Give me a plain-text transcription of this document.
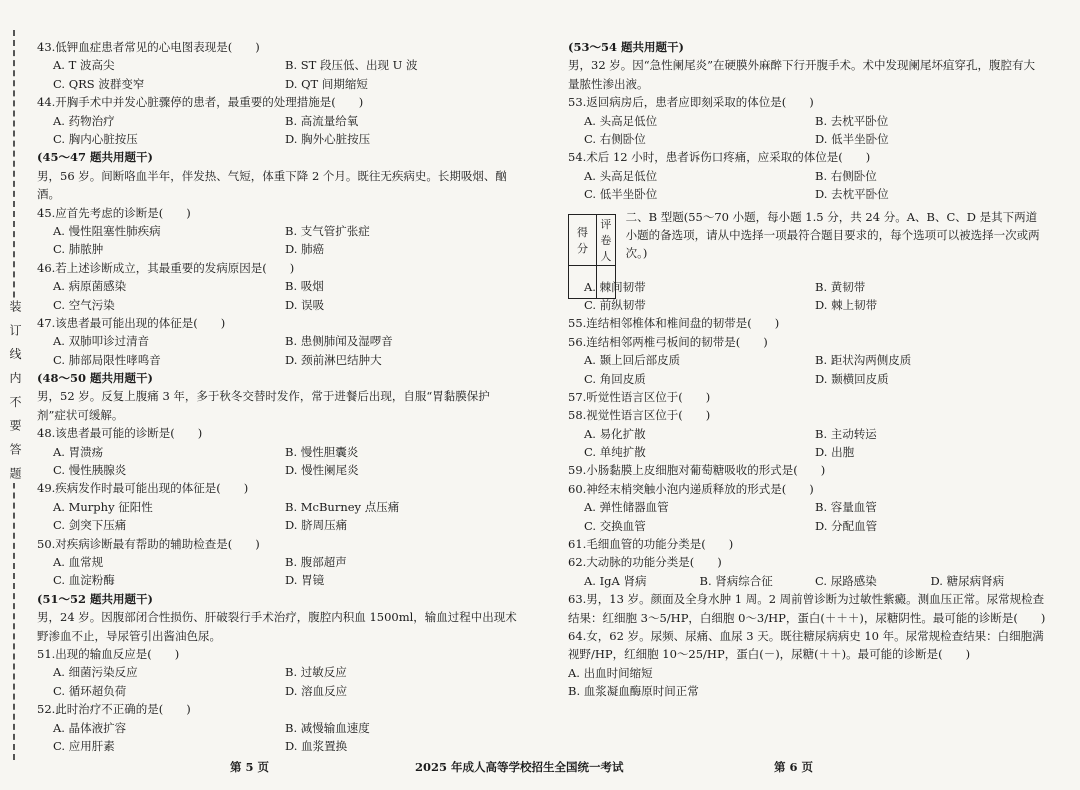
装 订 线 内 不 要 答 题
43.低钾血症患者常见的心电图表现是(　　)
A. T 波高尖	B. ST 段压低、出现 U 波
C. QRS 波群变窄	D. QT 间期缩短
44.开胸手术中并发心脏骤停的患者，最重要的处理措施是(　　)
A. 药物治疗	B. 高流量给氧
C. 胸内心脏按压	D. 胸外心脏按压
(45～47 题共用题干)
男，56 岁。间断咯血半年，伴发热、气短，体重下降 2 个月。既往无疾病史。长期吸烟、酗酒。
45.应首先考虑的诊断是(　　)
A. 慢性阻塞性肺疾病	B. 支气管扩张症
C. 肺脓肿	D. 肺癌
46.若上述诊断成立，其最重要的发病原因是(　　)
A. 病原菌感染	B. 吸烟
C. 空气污染	D. 误吸
47.该患者最可能出现的体征是(　　)
A. 双肺叩诊过清音	B. 患侧肺闻及湿啰音
C. 肺部局限性哮鸣音	D. 颈前淋巴结肿大
(48～50 题共用题干)
男，52 岁。反复上腹痛 3 年，多于秋冬交替时发作，常于进餐后出现，自服“胃黏膜保护剂”症状可缓解。
48.该患者最可能的诊断是(　　)
A. 胃溃疡	B. 慢性胆囊炎
C. 慢性胰腺炎	D. 慢性阑尾炎
49.疾病发作时最可能出现的体征是(　　)
A. Murphy 征阳性	B. McBurney 点压痛
C. 剑突下压痛	D. 脐周压痛
50.对疾病诊断最有帮助的辅助检查是(　　)
A. 血常规	B. 腹部超声
C. 血淀粉酶	D. 胃镜
(51～52 题共用题干)
男，24 岁。因腹部闭合性损伤、肝破裂行手术治疗，腹腔内积血 1500ml，输血过程中出现术野渗血不止，导尿管引出酱油色尿。
51.出现的输血反应是(　　)
A. 细菌污染反应	B. 过敏反应
C. 循环超负荷	D. 溶血反应
52.此时治疗不正确的是(　　)
A. 晶体液扩容	B. 减慢输血速度
C. 应用肝素	D. 血浆置换
(53～54 题共用题干)
男，32 岁。因“急性阑尾炎”在硬膜外麻醉下行开腹手术。术中发现阑尾坏疽穿孔，腹腔有大量脓性渗出液。
53.返回病房后，患者应即刻采取的体位是(　　)
A. 头高足低位	B. 去枕平卧位
C. 右侧卧位	D. 低半坐卧位
54.术后 12 小时，患者诉伤口疼痛，应采取的体位是(　　)
A. 头高足低位	B. 右侧卧位
C. 低半坐卧位	D. 去枕平卧位
得　分	评卷人

二、B 型题(55～70 小题，每小题 1.5 分，共 24 分。A、B、C、D 是其下两道小题的备选项，请从中选择一项最符合题目要求的，每个选项可以被选择一次或两次。)
A. 棘间韧带	B. 黄韧带
C. 前纵韧带	D. 棘上韧带
55.连结相邻椎体和椎间盘的韧带是(　　)
56.连结相邻两椎弓板间的韧带是(　　)
A. 颞上回后部皮质	B. 距状沟两侧皮质
C. 角回皮质	D. 颞横回皮质
57.听觉性语言区位于(　　)
58.视觉性语言区位于(　　)
A. 易化扩散	B. 主动转运
C. 单纯扩散	D. 出胞
59.小肠黏膜上皮细胞对葡萄糖吸收的形式是(　　)
60.神经末梢突触小泡内递质释放的形式是(　　)
A. 弹性储器血管	B. 容量血管
C. 交换血管	D. 分配血管
61.毛细血管的功能分类是(　　)
62.大动脉的功能分类是(　　)
A. IgA 肾病	B. 肾病综合征	C. 尿路感染	D. 糖尿病肾病
63.男，13 岁。颜面及全身水肿 1 周。2 周前曾诊断为过敏性紫癜。测血压正常。尿常规检查结果：红细胞 3～5/HP，白细胞 0～3/HP，蛋白(＋＋＋)，尿糖阴性。最可能的诊断是(　　)
64.女，62 岁。尿频、尿痛、血尿 3 天。既往糖尿病病史 10 年。尿常规检查结果：白细胞满视野/HP，红细胞 10～25/HP，蛋白(－)，尿糖(＋＋)。最可能的诊断是(　　)
A. 出血时间缩短
B. 血浆凝血酶原时间正常
第 5 页	2025 年成人高等学校招生全国统一考试	第 6 页
